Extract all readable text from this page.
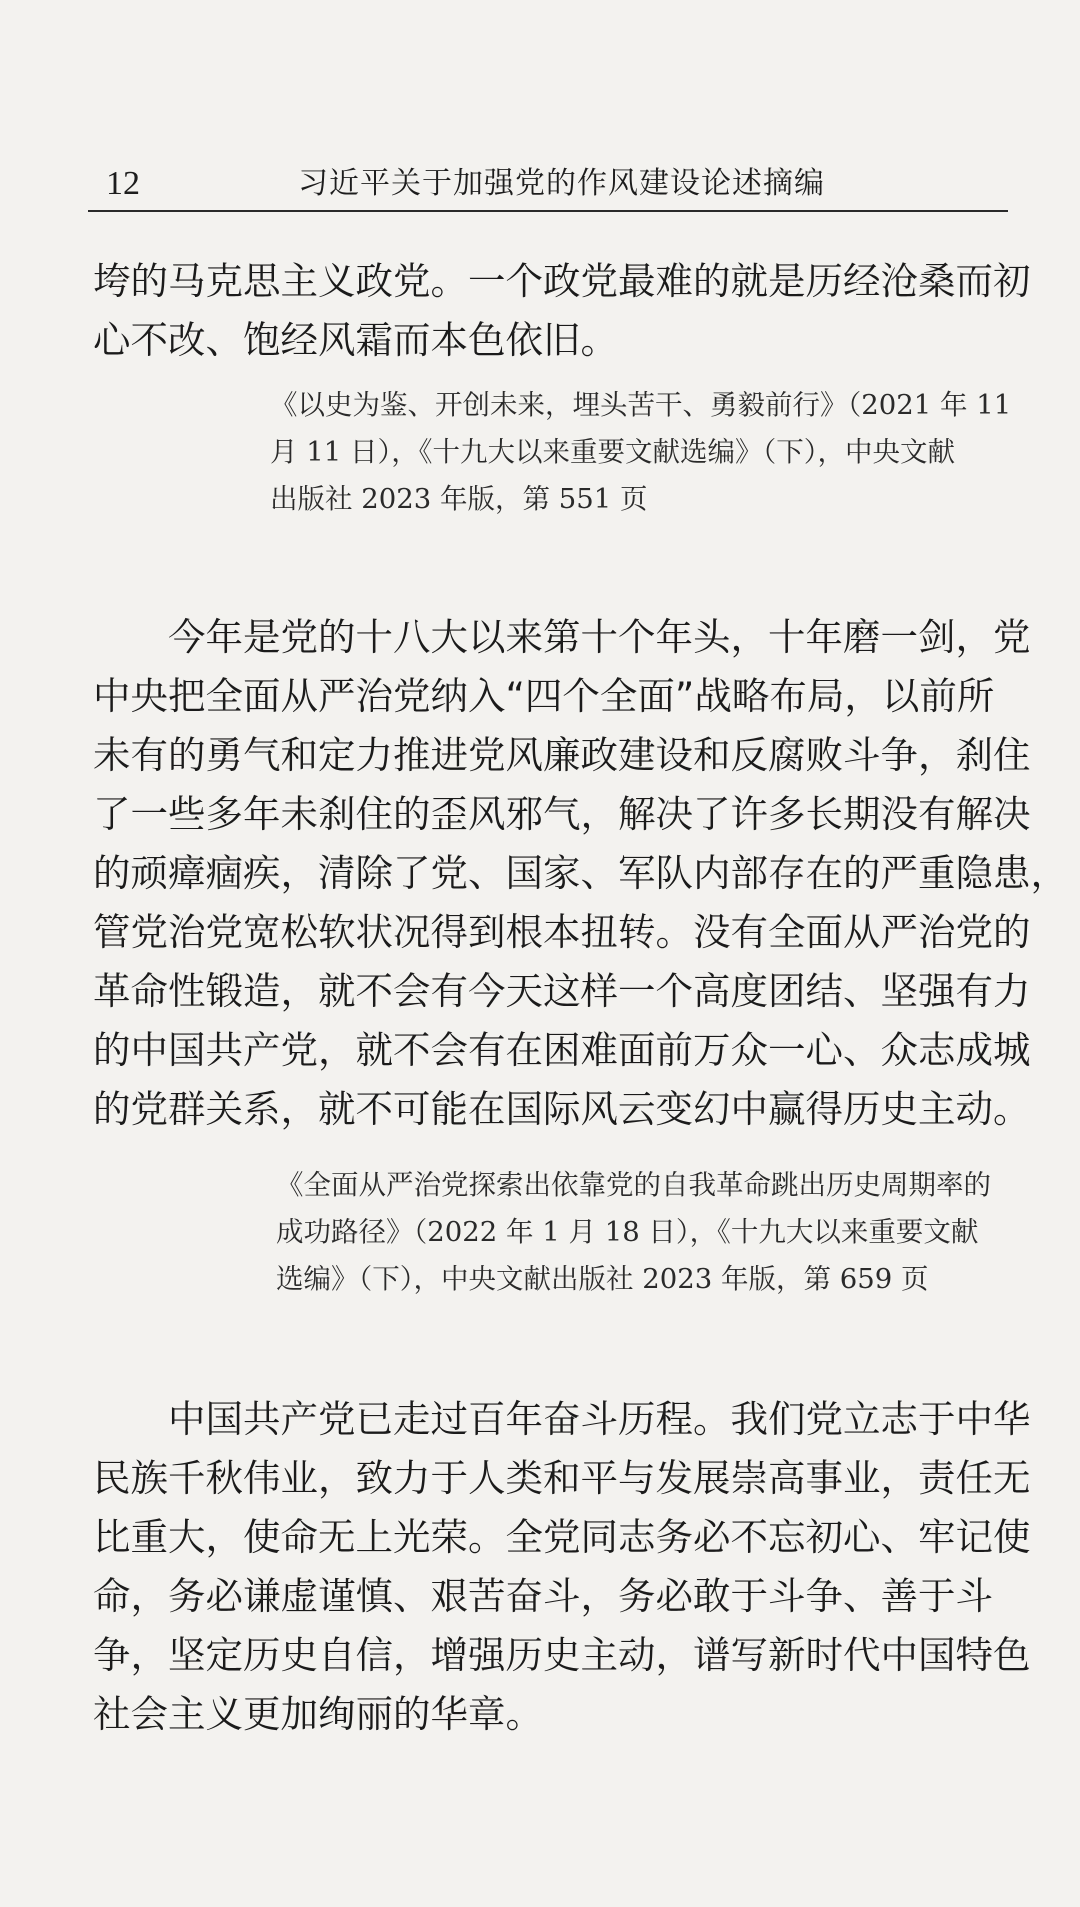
12	习近平关于加强党的作风建设论述摘编

垮的马克思主义政党。一个政党最难的就是历经沧桑而初
心不改、饱经风霜而本色依旧。

《以史为鉴、开创未来，埋头苦干、勇毅前行》（2021 年 11
月 11 日），《十九大以来重要文献选编》（下），中央文献
出版社 2023 年版，第 551 页

今年是党的十八大以来第十个年头，十年磨一剑，党
中央把全面从严治党纳入“四个全面”战略布局，以前所
未有的勇气和定力推进党风廉政建设和反腐败斗争，刹住
了一些多年未刹住的歪风邪气，解决了许多长期没有解决
的顽瘴痼疾，清除了党、国家、军队内部存在的严重隐患，
管党治党宽松软状况得到根本扭转。没有全面从严治党的
革命性锻造，就不会有今天这样一个高度团结、坚强有力
的中国共产党，就不会有在困难面前万众一心、众志成城
的党群关系，就不可能在国际风云变幻中赢得历史主动。

《全面从严治党探索出依靠党的自我革命跳出历史周期率的
成功路径》（2022 年 1 月 18 日），《十九大以来重要文献
选编》（下），中央文献出版社 2023 年版，第 659 页

中国共产党已走过百年奋斗历程。我们党立志于中华
民族千秋伟业，致力于人类和平与发展崇高事业，责任无
比重大，使命无上光荣。全党同志务必不忘初心、牢记使
命，务必谦虚谨慎、艰苦奋斗，务必敢于斗争、善于斗
争，坚定历史自信，增强历史主动，谱写新时代中国特色
社会主义更加绚丽的华章。
